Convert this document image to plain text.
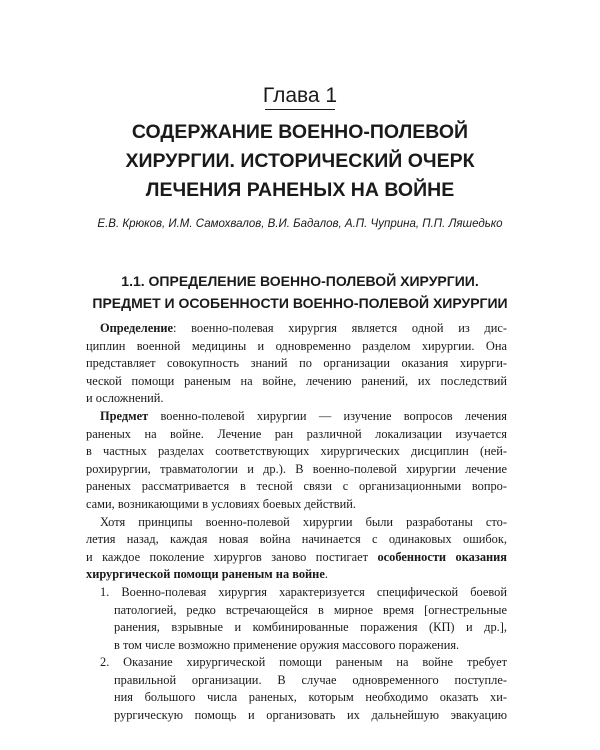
Глава 1
СОДЕРЖАНИЕ ВОЕННО-ПОЛЕВОЙ
ХИРУРГИИ. ИСТОРИЧЕСКИЙ ОЧЕРК
ЛЕЧЕНИЯ РАНЕНЫХ НА ВОЙНЕ
Е.В. Крюков, И.М. Самохвалов, В.И. Бадалов, А.П. Чуприна, П.П. Ляшедько
1.1. ОПРЕДЕЛЕНИЕ ВОЕННО-ПОЛЕВОЙ ХИРУРГИИ.
ПРЕДМЕТ И ОСОБЕННОСТИ ВОЕННО-ПОЛЕВОЙ ХИРУРГИИ
Определение: военно-полевая хирургия является одной из дис-
циплин военной медицины и одновременно разделом хирургии. Она
представляет совокупность знаний по организации оказания хирурги-
ческой помощи раненым на войне, лечению ранений, их последствий
и осложнений.
Предмет военно-полевой хирургии — изучение вопросов лечения
раненых на войне. Лечение ран различной локализации изучается
в частных разделах соответствующих хирургических дисциплин (ней-
рохирургии, травматологии и др.). В военно-полевой хирургии лечение
раненых рассматривается в тесной связи с организационными вопро-
сами, возникающими в условиях боевых действий.
Хотя принципы военно-полевой хирургии были разработаны сто-
летия назад, каждая новая война начинается с одинаковых ошибок,
и каждое поколение хирургов заново постигает особенности оказания
хирургической помощи раненым на войне.
1. Военно-полевая хирургия характеризуется специфической боевой
патологией, редко встречающейся в мирное время [огнестрельные
ранения, взрывные и комбинированные поражения (КП) и др.],
в том числе возможно применение оружия массового поражения.
2. Оказание хирургической помощи раненым на войне требует
правильной организации. В случае одновременного поступле-
ния большого числа раненых, которым необходимо оказать хи-
рургическую помощь и организовать их дальнейшую эвакуацию
